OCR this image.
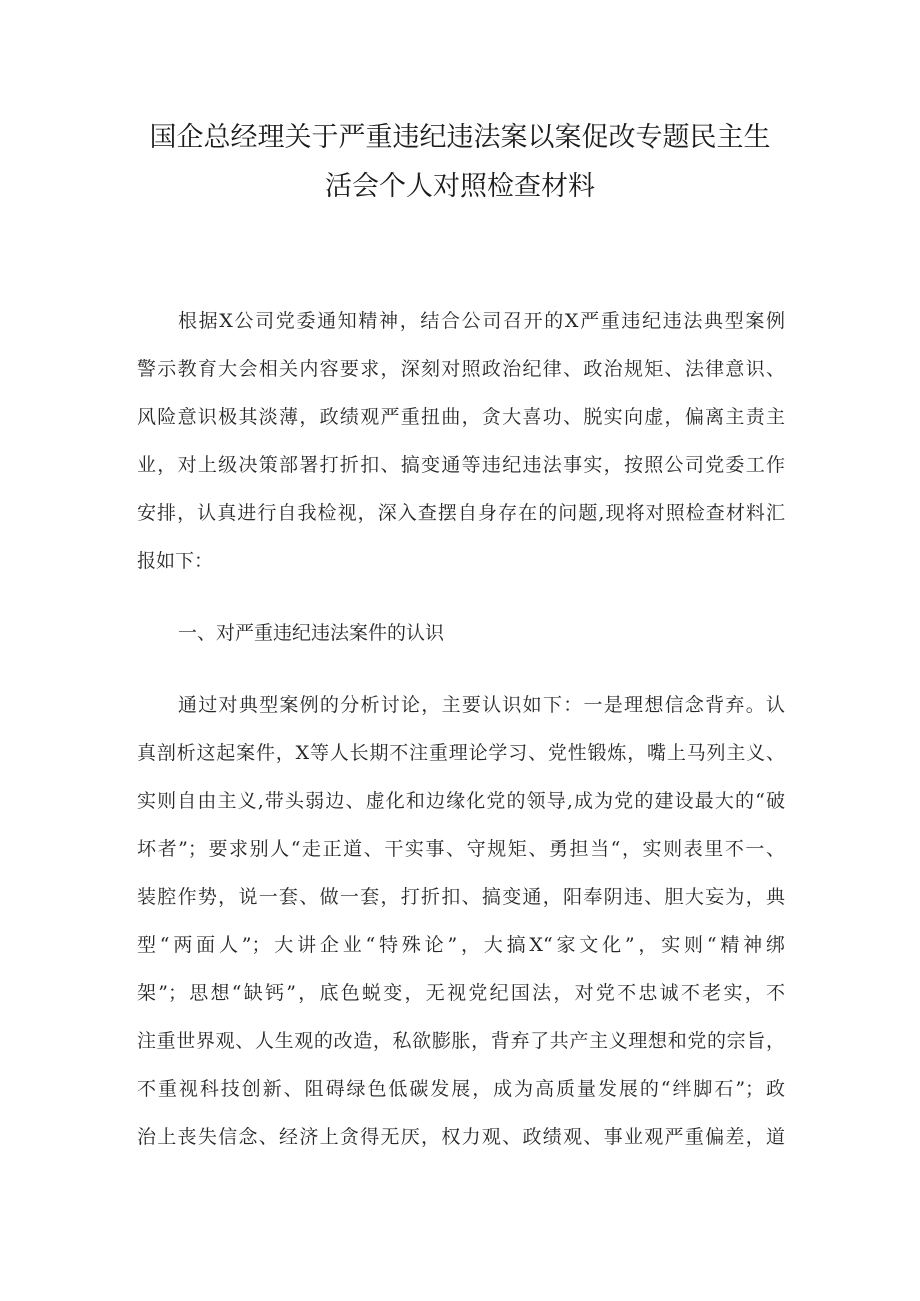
国企总经理关于严重违纪违法案以案促改专题民主生
活会个人对照检查材料
根据X公司党委通知精神，结合公司召开的X严重违纪违法典型案例
警示教育大会相关内容要求，深刻对照政治纪律、政治规矩、法律意识、
风险意识极其淡薄，政绩观严重扭曲，贪大喜功、脱实向虚，偏离主责主
业，对上级决策部署打折扣、搞变通等违纪违法事实，按照公司党委工作
安排，认真进行自我检视，深入查摆自身存在的问题,现将对照检查材料汇
报如下：
一、对严重违纪违法案件的认识
通过对典型案例的分析讨论，主要认识如下：一是理想信念背弃。认
真剖析这起案件，X等人长期不注重理论学习、党性锻炼，嘴上马列主义、
实则自由主义,带头弱边、虚化和边缘化党的领导,成为党的建设最大的“破
坏者”；要求别人“走正道、干实事、守规矩、勇担当“，实则表里不一、
装腔作势，说一套、做一套，打折扣、搞变通，阳奉阴违、胆大妄为，典
型“两面人”；大讲企业“特殊论”，大搞X“家文化”，实则“精神绑
架”；思想“缺钙”，底色蜕变，无视党纪国法，对党不忠诚不老实，不
注重世界观、人生观的改造，私欲膨胀，背弃了共产主义理想和党的宗旨，
不重视科技创新、阻碍绿色低碳发展，成为高质量发展的“绊脚石”；政
治上丧失信念、经济上贪得无厌，权力观、政绩观、事业观严重偏差，道
